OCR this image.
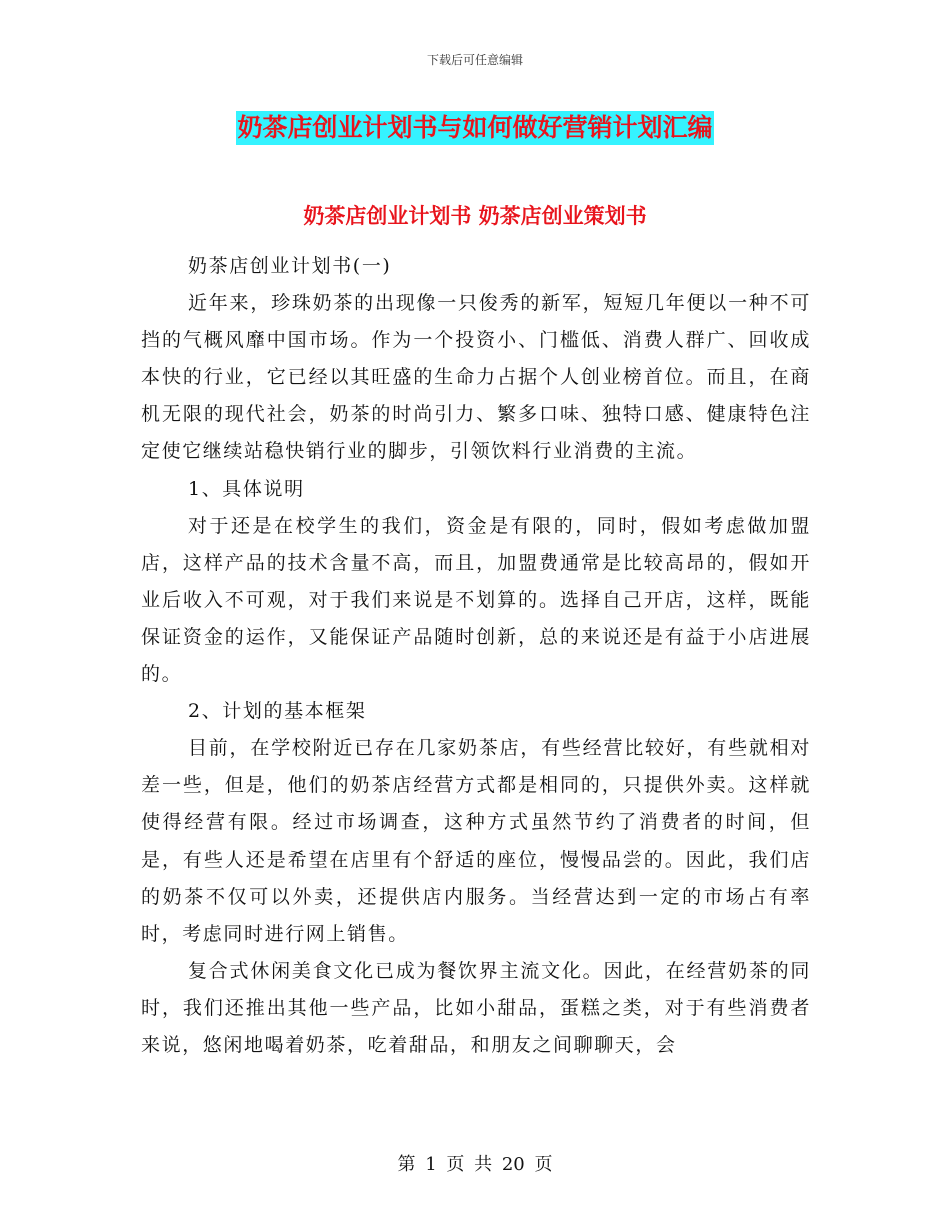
下载后可任意编辑
奶茶店创业计划书与如何做好营销计划汇编
奶茶店创业计划书 奶茶店创业策划书

奶茶店创业计划书(一)

近年来，珍珠奶茶的出现像一只俊秀的新军，短短几年便以一种不可挡的气概风靡中国市场。作为一个投资小、门槛低、消费人群广、回收成本快的行业，它已经以其旺盛的生命力占据个人创业榜首位。而且，在商机无限的现代社会，奶茶的时尚引力、繁多口味、独特口感、健康特色注定使它继续站稳快销行业的脚步，引领饮料行业消费的主流。

1、具体说明

对于还是在校学生的我们，资金是有限的，同时，假如考虑做加盟店，这样产品的技术含量不高，而且，加盟费通常是比较高昂的，假如开业后收入不可观，对于我们来说是不划算的。选择自己开店，这样，既能保证资金的运作，又能保证产品随时创新，总的来说还是有益于小店进展的。

2、计划的基本框架

目前，在学校附近已存在几家奶茶店，有些经营比较好，有些就相对差一些，但是，他们的奶茶店经营方式都是相同的，只提供外卖。这样就使得经营有限。经过市场调查，这种方式虽然节约了消费者的时间，但是，有些人还是希望在店里有个舒适的座位，慢慢品尝的。因此，我们店的奶茶不仅可以外卖，还提供店内服务。当经营达到一定的市场占有率时，考虑同时进行网上销售。

复合式休闲美食文化已成为餐饮界主流文化。因此，在经营奶茶的同时，我们还推出其他一些产品，比如小甜品，蛋糕之类，对于有些消费者来说，悠闲地喝着奶茶，吃着甜品，和朋友之间聊聊天，会

第 1 页 共 20 页
